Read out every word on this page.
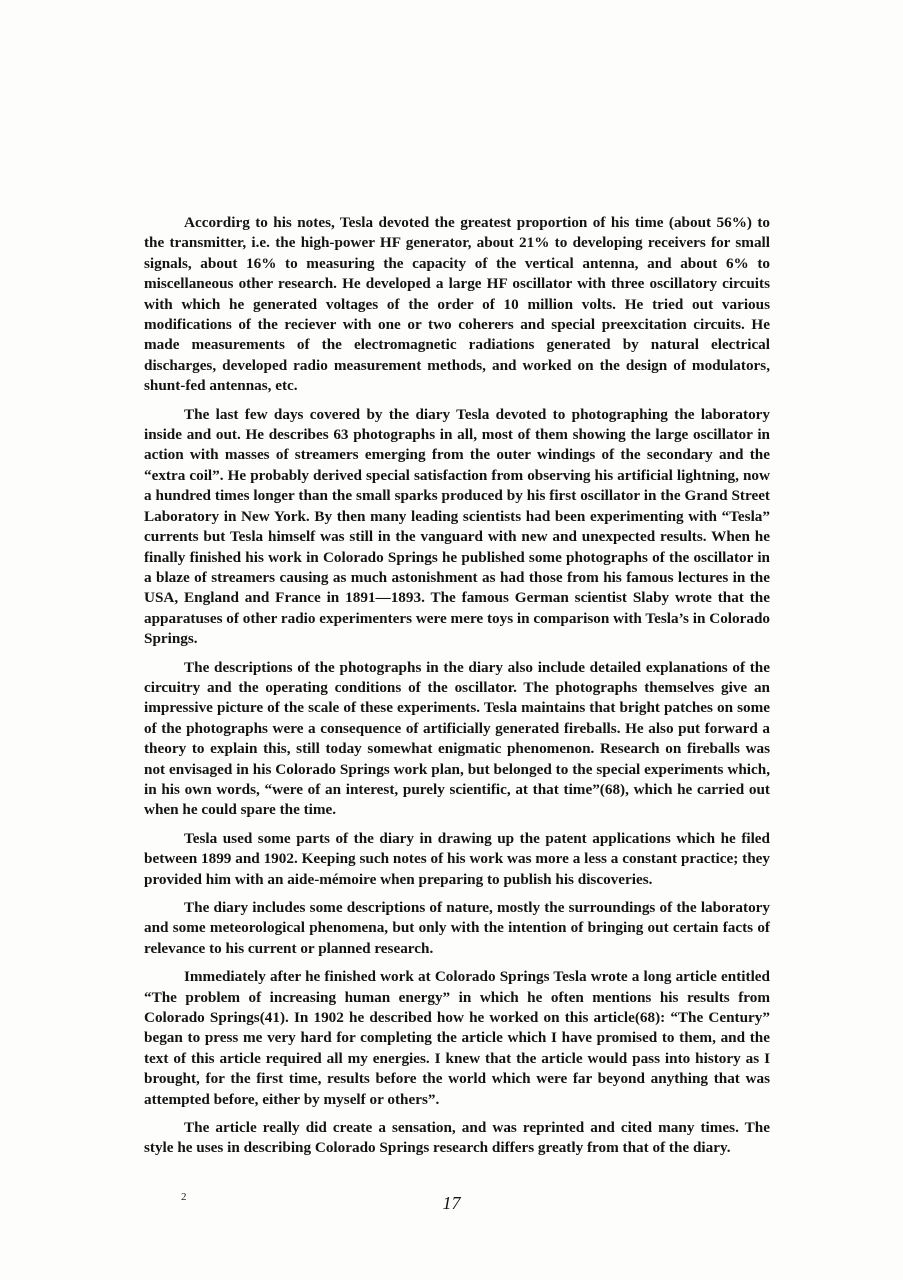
Accordirg to his notes, Tesla devoted the greatest proportion of his time (about 56%) to the transmitter, i.e. the high-power HF generator, about 21% to developing receivers for small signals, about 16% to measuring the capacity of the vertical antenna, and about 6% to miscellaneous other research. He developed a large HF oscillator with three oscillatory circuits with which he generated voltages of the order of 10 million volts. He tried out various modifications of the reciever with one or two coherers and special preexcitation circuits. He made measurements of the electromagnetic radiations generated by natural electrical discharges, developed radio measurement methods, and worked on the design of modulators, shunt-fed antennas, etc.

The last few days covered by the diary Tesla devoted to photographing the laboratory inside and out. He describes 63 photographs in all, most of them showing the large oscillator in action with masses of streamers emerging from the outer windings of the secondary and the “extra coil”. He probably derived special satisfaction from observing his artificial lightning, now a hundred times longer than the small sparks produced by his first oscillator in the Grand Street Laboratory in New York. By then many leading scientists had been experimenting with “Tesla” currents but Tesla himself was still in the vanguard with new and unexpected results. When he finally finished his work in Colorado Springs he published some photographs of the oscillator in a blaze of streamers causing as much astonishment as had those from his famous lectures in the USA, England and France in 1891—1893. The famous German scientist Slaby wrote that the apparatuses of other radio experimenters were mere toys in comparison with Tesla’s in Colorado Springs.

The descriptions of the photographs in the diary also include detailed explanations of the circuitry and the operating conditions of the oscillator. The photographs themselves give an impressive picture of the scale of these experiments. Tesla maintains that bright patches on some of the photographs were a consequence of artificially generated fireballs. He also put forward a theory to explain this, still today somewhat enigmatic phenomenon. Research on fireballs was not envisaged in his Colorado Springs work plan, but belonged to the special experiments which, in his own words, “were of an interest, purely scientific, at that time”(68), which he carried out when he could spare the time.

Tesla used some parts of the diary in drawing up the patent applications which he filed between 1899 and 1902. Keeping such notes of his work was more a less a constant practice; they provided him with an aide-mémoire when preparing to publish his discoveries.

The diary includes some descriptions of nature, mostly the surroundings of the laboratory and some meteorological phenomena, but only with the intention of bringing out certain facts of relevance to his current or planned research.

Immediately after he finished work at Colorado Springs Tesla wrote a long article entitled “The problem of increasing human energy” in which he often mentions his results from Colorado Springs(41). In 1902 he described how he worked on this article(68): “The Century” began to press me very hard for completing the article which I have promised to them, and the text of this article required all my energies. I knew that the article would pass into history as I brought, for the first time, results before the world which were far beyond anything that was attempted before, either by myself or others”.

The article really did create a sensation, and was reprinted and cited many times. The style he uses in describing Colorado Springs research differs greatly from that of the diary.

2	17
